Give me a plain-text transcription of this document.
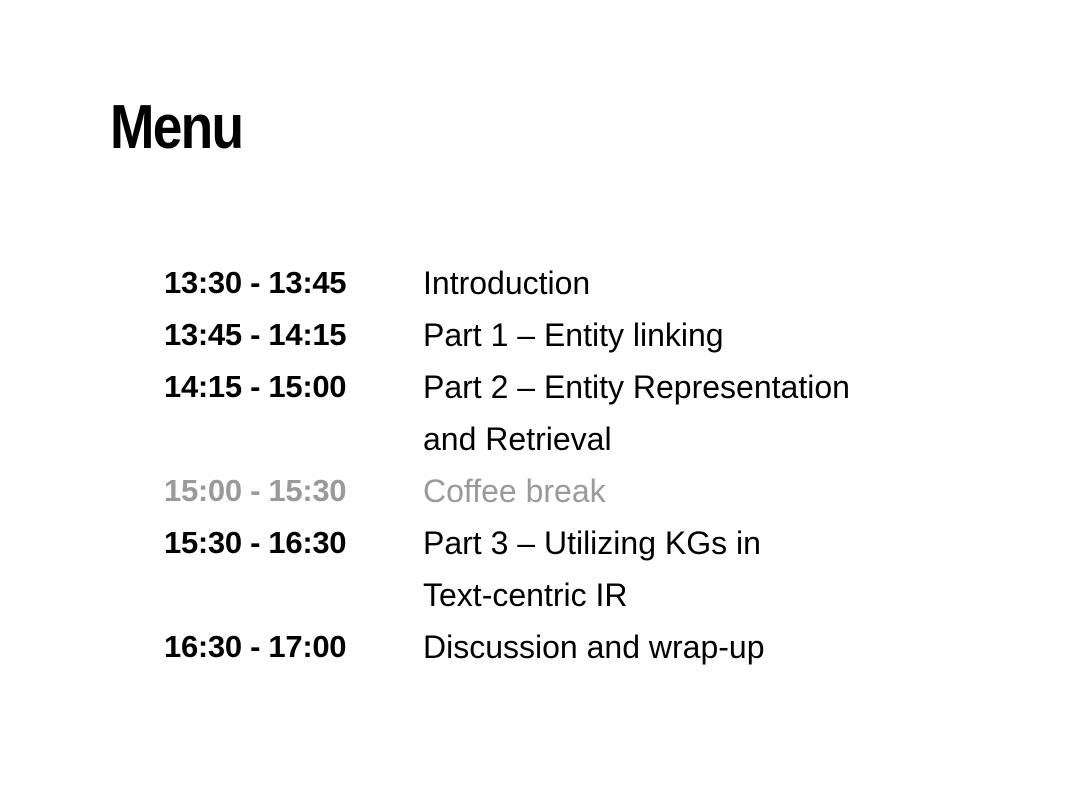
Menu
13:30 - 13:45	Introduction
13:45 - 14:15	Part 1 – Entity linking
14:15 - 15:00	Part 2 – Entity Representation
and Retrieval
15:00 - 15:30	Coffee break
15:30 - 16:30	Part 3 – Utilizing KGs in
Text-centric IR
16:30 - 17:00	Discussion and wrap-up
